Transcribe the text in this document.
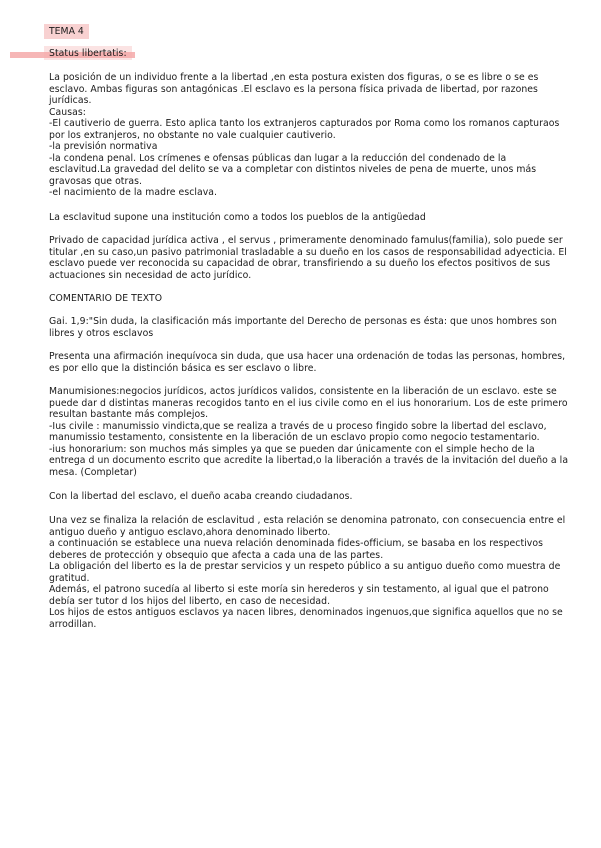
TEMA 4
Status libertatis:
La posición de un individuo frente a la libertad ,en esta postura existen dos figuras, o se es libre o se es
esclavo. Ambas figuras son antagónicas .El esclavo es la persona física privada de libertad, por razones
jurídicas.
Causas:
-El cautiverio de guerra. Esto aplica tanto los extranjeros capturados por Roma como los romanos capturaos
por los extranjeros, no obstante no vale cualquier cautiverio.
-la previsión normativa
-la condena penal. Los crímenes e ofensas públicas dan lugar a la reducción del condenado de la
esclavitud.La gravedad del delito se va a completar con distintos niveles de pena de muerte, unos más
gravosas que otras.
-el nacimiento de la madre esclava.
La esclavitud supone una institución como a todos los pueblos de la antigüedad
Privado de capacidad jurídica activa , el servus , primeramente denominado famulus(familia), solo puede ser
titular ,en su caso,un pasivo patrimonial trasladable a su dueño en los casos de responsabilidad adyecticia. El
esclavo puede ver reconocida su capacidad de obrar, transfiriendo a su dueño los efectos positivos de sus
actuaciones sin necesidad de acto jurídico.
COMENTARIO DE TEXTO
Gai. 1,9:"Sin duda, la clasificación más importante del Derecho de personas es ésta: que unos hombres son
libres y otros esclavos
Presenta una afirmación inequívoca sin duda, que usa hacer una ordenación de todas las personas, hombres,
es por ello que la distinción básica es ser esclavo o libre.
Manumisiones:negocios jurídicos, actos jurídicos validos, consistente en la liberación de un esclavo. este se
puede dar d distintas maneras recogidos tanto en el ius civile como en el ius honorarium. Los de este primero
resultan bastante más complejos.
-Ius civile : manumissio vindicta,que se realiza a través de u proceso fingido sobre la libertad del esclavo,
manumissio testamento, consistente en la liberación de un esclavo propio como negocio testamentario.
-ius honorarium: son muchos más simples ya que se pueden dar únicamente con el simple hecho de la
entrega d un documento escrito que acredite la libertad,o la liberación a través de la invitación del dueño a la
mesa. (Completar)
Con la libertad del esclavo, el dueño acaba creando ciudadanos.
Una vez se finaliza la relación de esclavitud , esta relación se denomina patronato, con consecuencia entre el
antiguo dueño y antiguo esclavo,ahora denominado liberto.
a continuación se establece una nueva relación denominada fides-officium, se basaba en los respectivos
deberes de protección y obsequio que afecta a cada una de las partes.
La obligación del liberto es la de prestar servicios y un respeto público a su antiguo dueño como muestra de
gratitud.
Además, el patrono sucedía al liberto si este moría sin herederos y sin testamento, al igual que el patrono
debía ser tutor d los hijos del liberto, en caso de necesidad.
Los hijos de estos antiguos esclavos ya nacen libres, denominados ingenuos,que significa aquellos que no se
arrodillan.
